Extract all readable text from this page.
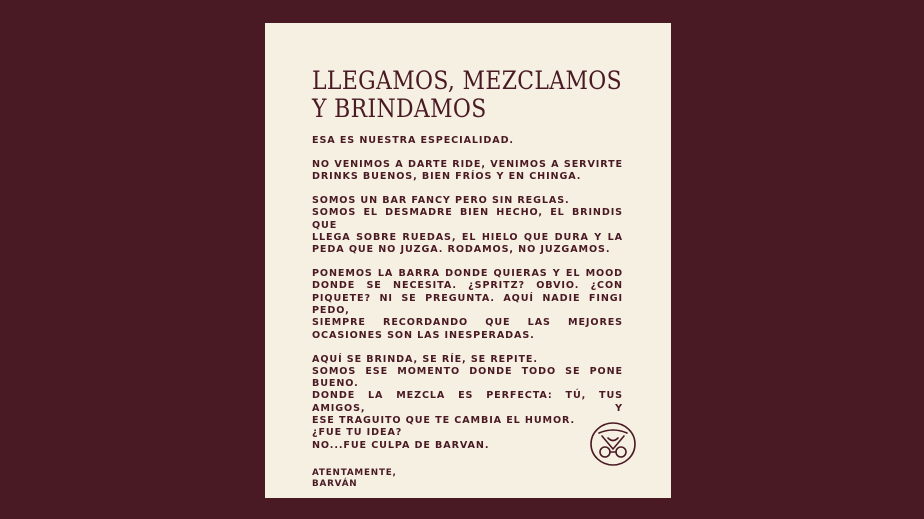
LLEGAMOS, MEZCLAMOS
Y BRINDAMOS

ESA ES NUESTRA ESPECIALIDAD.

NO VENIMOS A DARTE RIDE, VENIMOS A SERVIRTE
DRINKS BUENOS, BIEN FRÍOS Y EN CHINGA.

SOMOS UN BAR FANCY PERO SIN REGLAS.
SOMOS EL DESMADRE BIEN HECHO, EL BRINDIS QUE
LLEGA SOBRE RUEDAS, EL HIELO QUE DURA Y LA
PEDA QUE NO JUZGA. RODAMOS, NO JUZGAMOS.

PONEMOS LA BARRA DONDE QUIERAS Y EL MOOD
DONDE SE NECESITA. ¿SPRITZ? OBVIO. ¿CON
PIQUETE? NI SE PREGUNTA. AQUÍ NADIE FINGI PEDO,
SIEMPRE RECORDANDO QUE LAS MEJORES
OCASIONES SON LAS INESPERADAS.

AQUÍ SE BRINDA, SE RÍE, SE REPITE.
SOMOS ESE MOMENTO DONDE TODO SE PONE BUENO.
DONDE LA MEZCLA ES PERFECTA: TÚ, TUS AMIGOS, Y
ESE TRAGUITO QUE TE CAMBIA EL HUMOR.
¿FUE TU IDEA?
NO...FUE CULPA DE BARVAN.

ATENTAMENTE,
BARVÁN
